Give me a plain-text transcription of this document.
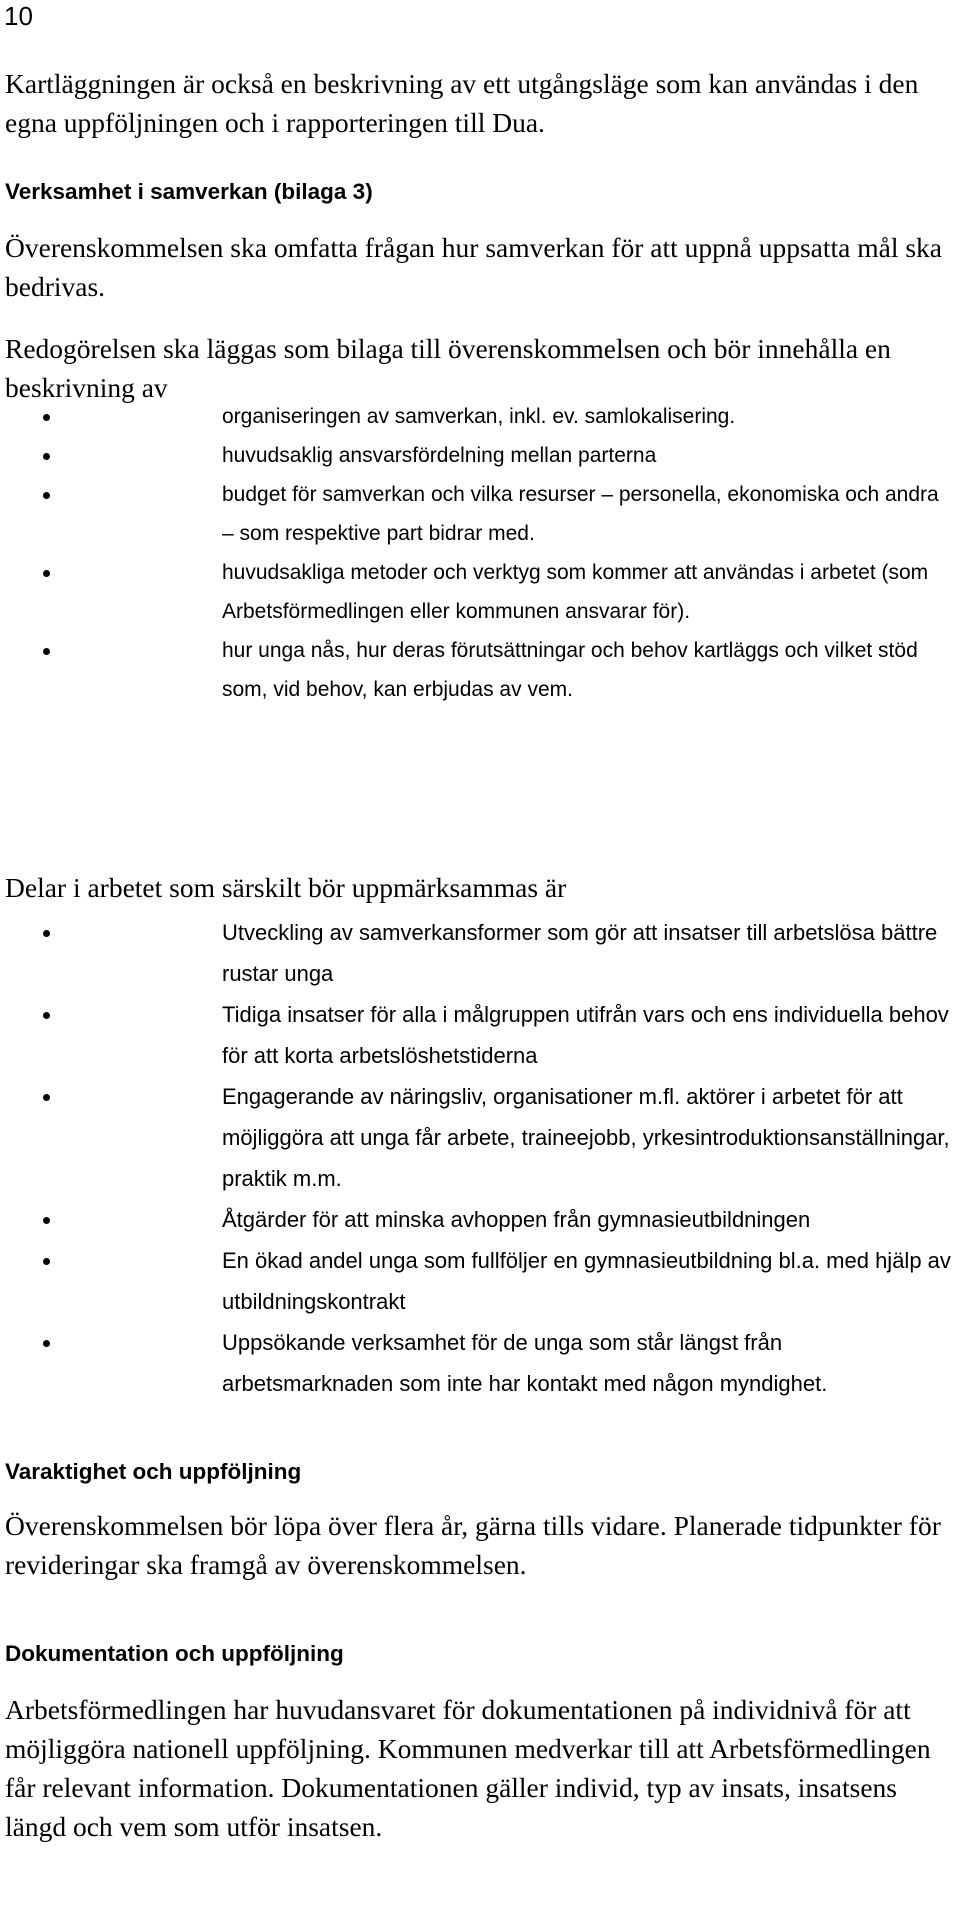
10

Kartläggningen är också en beskrivning av ett utgångsläge som kan användas i den egna uppföljningen och i rapporteringen till Dua.

Verksamhet i samverkan (bilaga 3)

Överenskommelsen ska omfatta frågan hur samverkan för att uppnå uppsatta mål ska bedrivas.

Redogörelsen ska läggas som bilaga till överenskommelsen och bör innehålla en beskrivning av

organiseringen av samverkan, inkl. ev. samlokalisering.
huvudsaklig ansvarsfördelning mellan parterna
budget för samverkan och vilka resurser – personella, ekonomiska och andra – som respektive part bidrar med.
huvudsakliga metoder och verktyg som kommer att användas i arbetet (som Arbetsförmedlingen eller kommunen ansvarar för).
hur unga nås, hur deras förutsättningar och behov kartläggs och vilket stöd som, vid behov, kan erbjudas av vem.

Delar i arbetet som särskilt bör uppmärksammas är

Utveckling av samverkansformer som gör att insatser till arbetslösa bättre rustar unga
Tidiga insatser för alla i målgruppen utifrån vars och ens individuella behov för att korta arbetslöshetstiderna
Engagerande av näringsliv, organisationer m.fl. aktörer i arbetet för att möjliggöra att unga får arbete, traineejobb, yrkesintroduktionsanställningar, praktik m.m.
Åtgärder för att minska avhoppen från gymnasieutbildningen
En ökad andel unga som fullföljer en gymnasieutbildning bl.a. med hjälp av utbildningskontrakt
Uppsökande verksamhet för de unga som står längst från arbetsmarknaden som inte har kontakt med någon myndighet.
Varaktighet och uppföljning

Överenskommelsen bör löpa över flera år, gärna tills vidare. Planerade tidpunkter för revideringar ska framgå av överenskommelsen.

Dokumentation och uppföljning

Arbetsförmedlingen har huvudansvaret för dokumentationen på individnivå för att möjliggöra nationell uppföljning. Kommunen medverkar till att Arbetsförmedlingen får relevant information. Dokumentationen gäller individ, typ av insats, insatsens längd och vem som utför insatsen.
